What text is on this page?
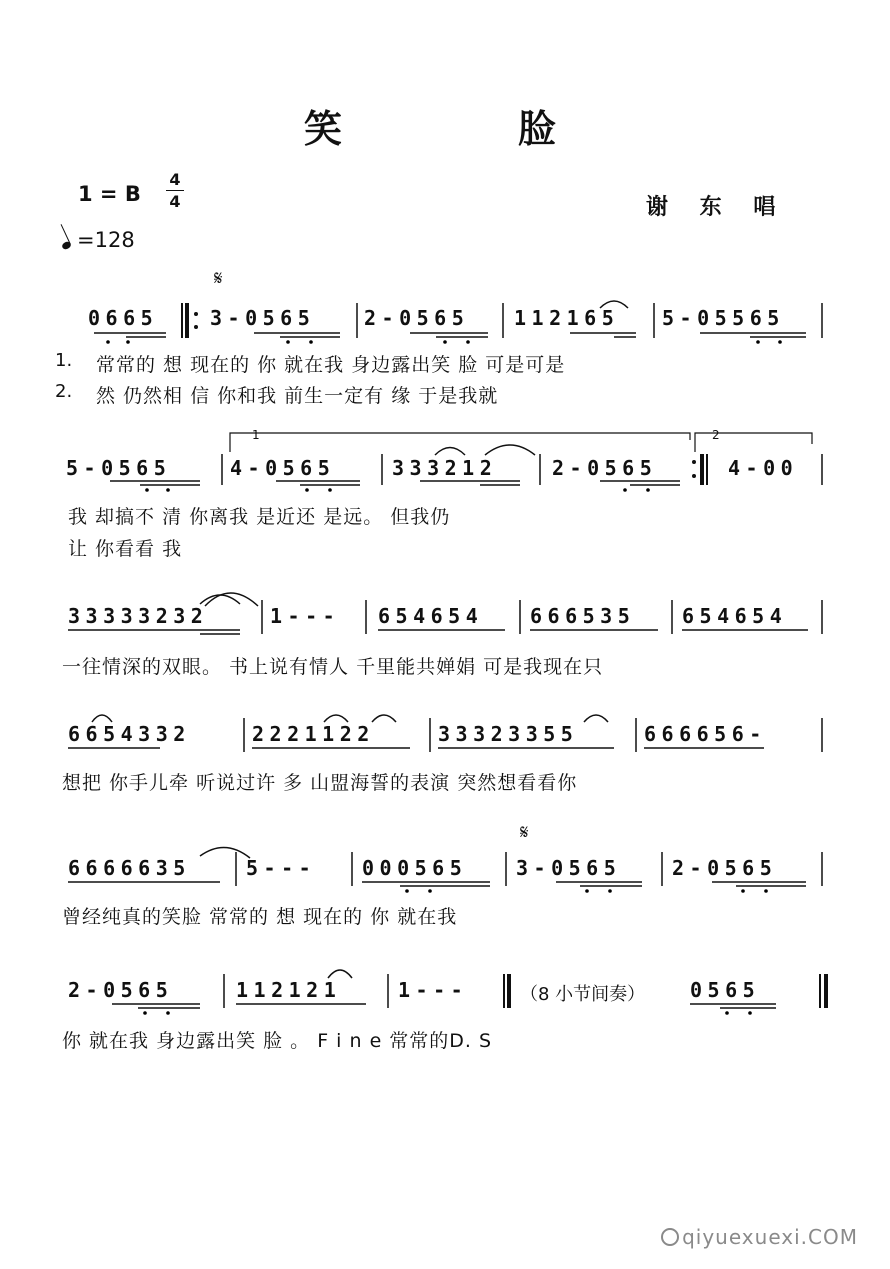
笑	脸
1 = B
4
4
=128
谢 东 唱
𝄋
𝄋
0665	3-0565 2-0565 112165 5-05565
1. 常常的 想 现在的 你 就在我 身边露出笑 脸 可是可是
2. 然 仍然相 信 你和我 前生一定有 缘 于是我就
1	2
5-0565	4-0565	333212	2-0565	4-00
我 却搞不 清 你离我 是近还 是远。 但我仍
让 你看看 我
33333232	1--- 654654 666535 654654
一往情深的双眼。 书上说有情人 千里能共婵娟 可是我现在只
6654332	2221122	33323355	666656-
想把 你手儿牵 听说过许 多 山盟海誓的表演 突然想看看你
6666635	5--- 000565 3-0565	2-0565
曾经纯真的笑脸 常常的 想 现在的 你 就在我
2-0565	112121	1---	（8 小节间奏） 0565
你 就在我 身边露出笑 脸 。 F i n e 常常的D. S
qiyuexuexi.COM
